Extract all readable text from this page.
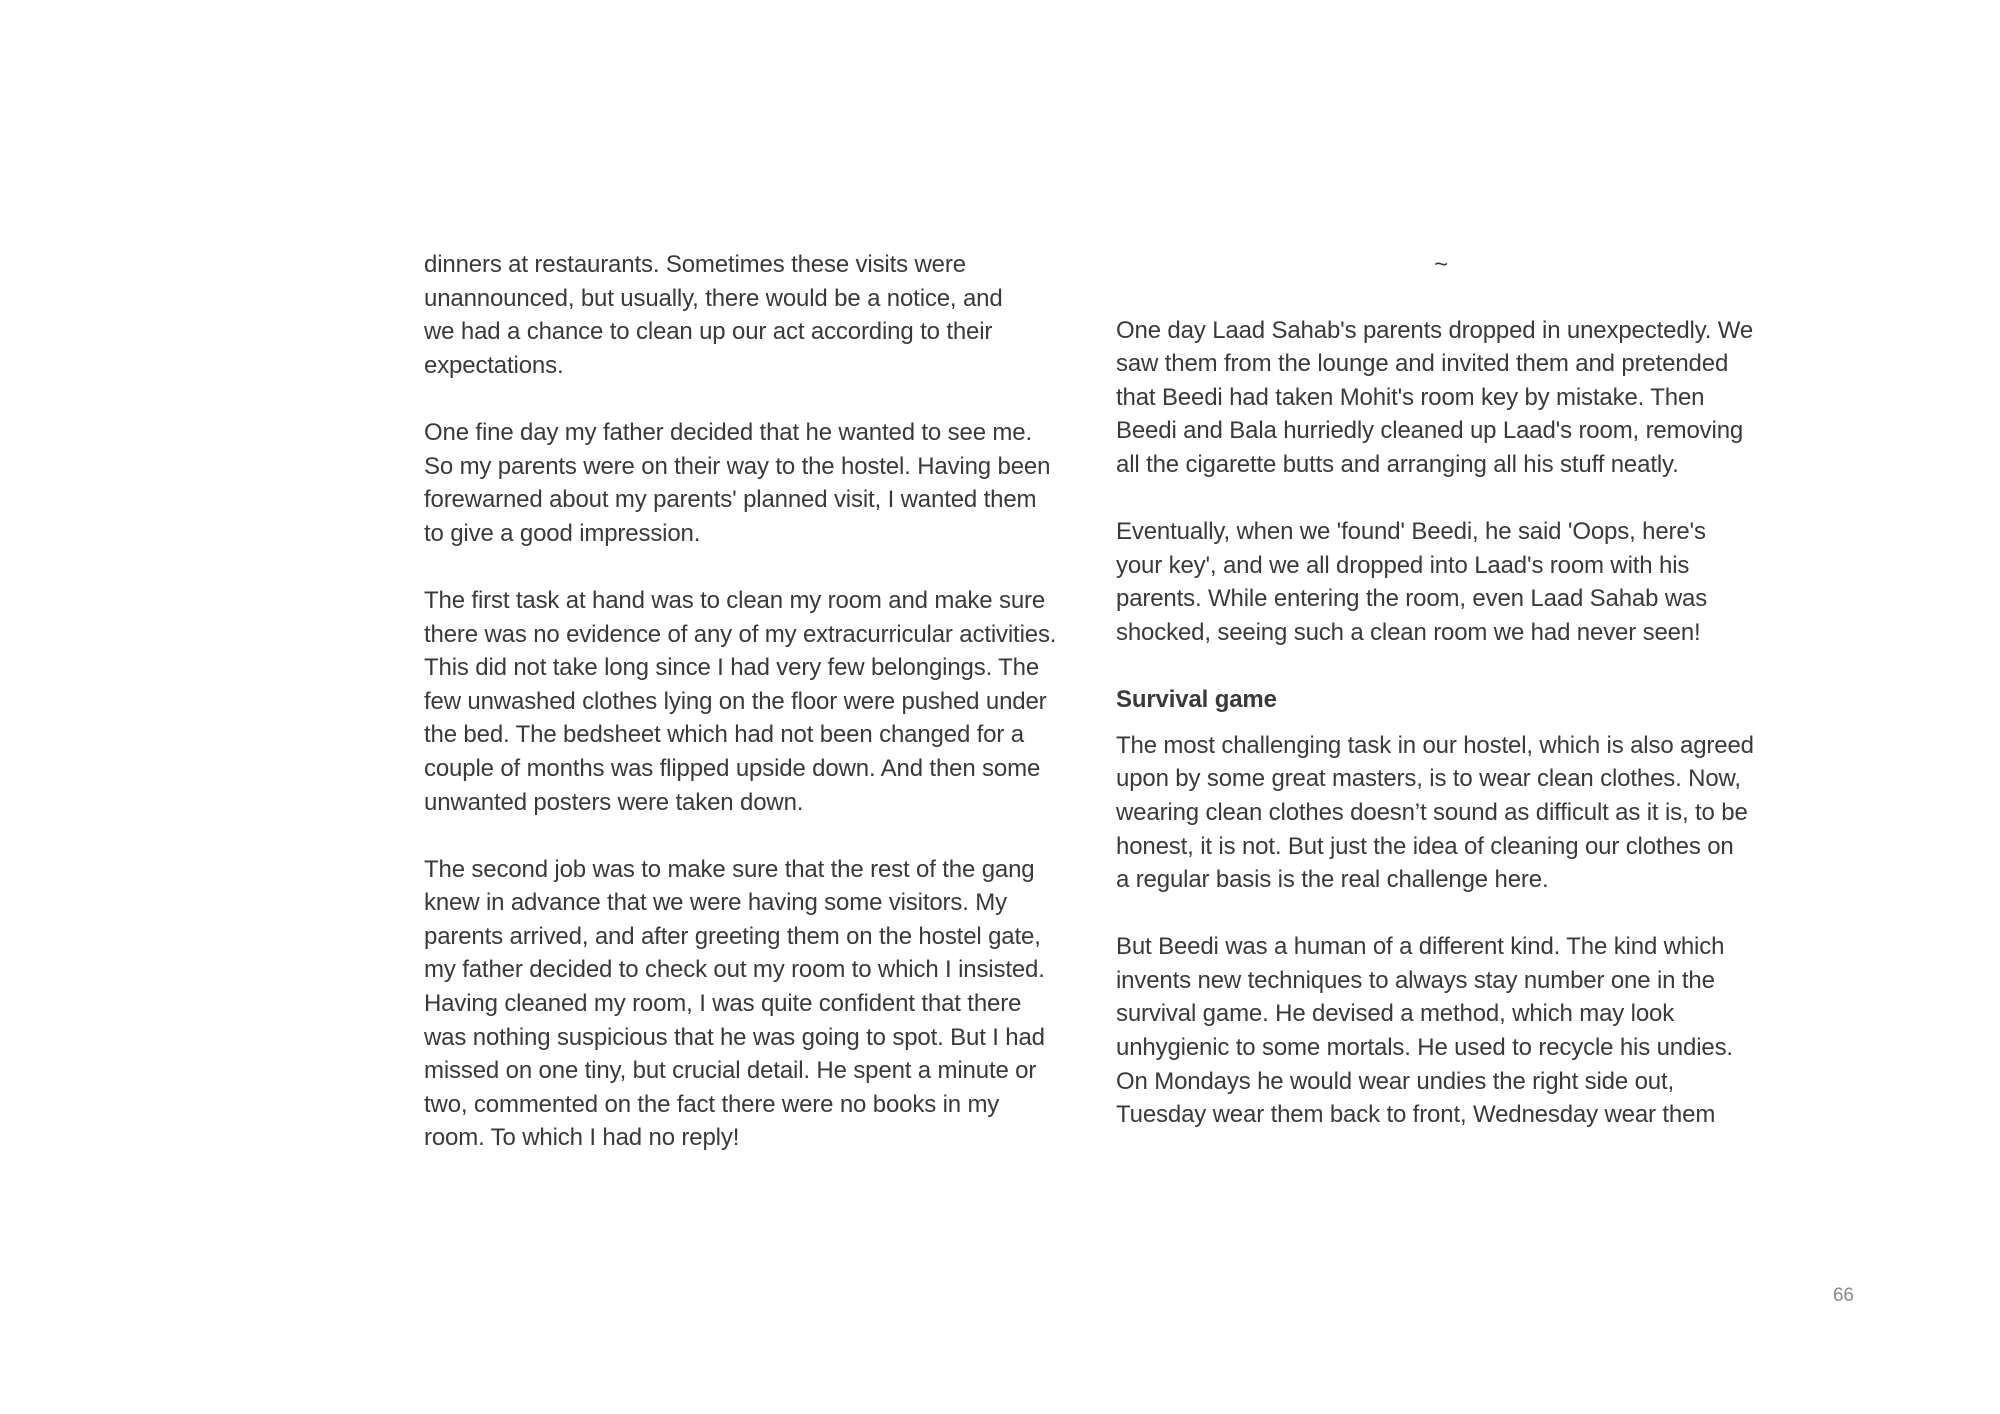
dinners at restaurants. Sometimes these visits were
unannounced, but usually, there would be a notice, and
we had a chance to clean up our act according to their
expectations.

One fine day my father decided that he wanted to see me.
So my parents were on their way to the hostel. Having been
forewarned about my parents' planned visit, I wanted them
to give a good impression.

The first task at hand was to clean my room and make sure
there was no evidence of any of my extracurricular activities.
This did not take long since I had very few belongings. The
few unwashed clothes lying on the floor were pushed under
the bed. The bedsheet which had not been changed for a
couple of months was flipped upside down. And then some
unwanted posters were taken down.

The second job was to make sure that the rest of the gang
knew in advance that we were having some visitors. My
parents arrived, and after greeting them on the hostel gate,
my father decided to check out my room to which I insisted.
Having cleaned my room, I was quite confident that there
was nothing suspicious that he was going to spot. But I had
missed on one tiny, but crucial detail. He spent a minute or
two, commented on the fact there were no books in my
room. To which I had no reply!

~

One day Laad Sahab's parents dropped in unexpectedly. We
saw them from the lounge and invited them and pretended
that Beedi had taken Mohit's room key by mistake. Then
Beedi and Bala hurriedly cleaned up Laad's room, removing
all the cigarette butts and arranging all his stuff neatly.

Eventually, when we 'found' Beedi, he said 'Oops, here's
your key', and we all dropped into Laad's room with his
parents. While entering the room, even Laad Sahab was
shocked, seeing such a clean room we had never seen!

Survival game

The most challenging task in our hostel, which is also agreed
upon by some great masters, is to wear clean clothes. Now,
wearing clean clothes doesn’t sound as difficult as it is, to be
honest, it is not. But just the idea of cleaning our clothes on
a regular basis is the real challenge here.

But Beedi was a human of a different kind. The kind which
invents new techniques to always stay number one in the
survival game. He devised a method, which may look
unhygienic to some mortals. He used to recycle his undies.
On Mondays he would wear undies the right side out,
Tuesday wear them back to front, Wednesday wear them

66
